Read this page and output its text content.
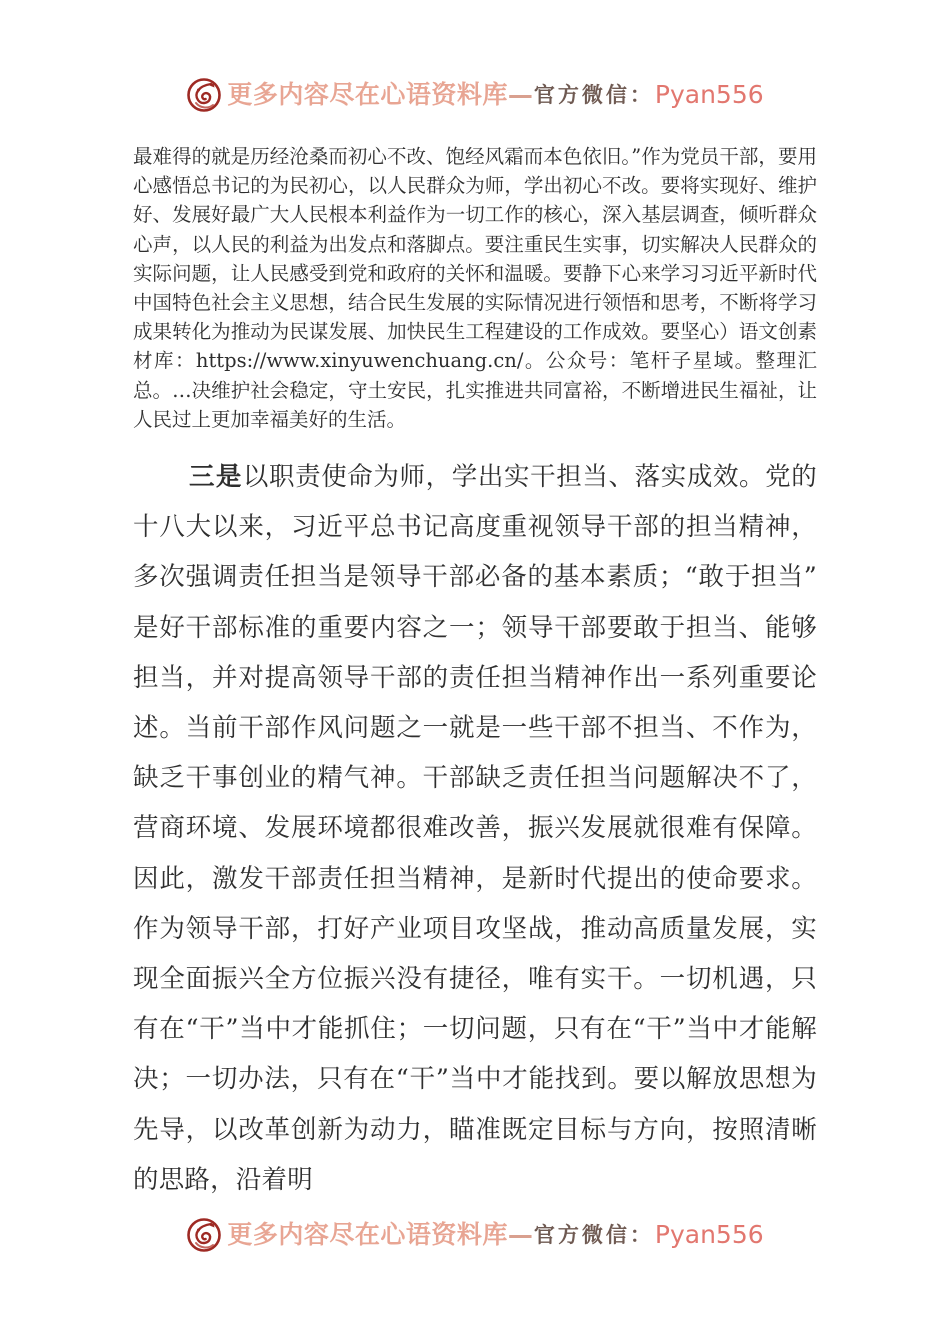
更多内容尽在心语资料库 — 官方微信 ： Pyan556

最难得的就是历经沧桑而初心不改、饱经风霜而本色依旧。”作为党员干部，要用心感悟总书记的为民初心，以人民群众为师，学出初心不改。要将实现好、维护好、发展好最广大人民根本利益作为一切工作的核心，深入基层调查，倾听群众心声，以人民的利益为出发点和落脚点。要注重民生实事，切实解决人民群众的实际问题，让人民感受到党和政府的关怀和温暖。要静下心来学习习近平新时代中国特色社会主义思想，结合民生发展的实际情况进行领悟和思考，不断将学习成果转化为推动为民谋发展、加快民生工程建设的工作成效。要坚心）语文创素材库：https://www.xinyuwenchuang.cn/。公众号：笔杆子星域。整理汇总。…决维护社会稳定，守土安民，扎实推进共同富裕，不断增进民生福祉，让人民过上更加幸福美好的生活。

三是以职责使命为师，学出实干担当、落实成效。党的十八大以来，习近平总书记高度重视领导干部的担当精神，多次强调责任担当是领导干部必备的基本素质；“敢于担当”是好干部标准的重要内容之一；领导干部要敢于担当、能够担当，并对提高领导干部的责任担当精神作出一系列重要论述。当前干部作风问题之一就是一些干部不担当、不作为，缺乏干事创业的精气神。干部缺乏责任担当问题解决不了，营商环境、发展环境都很难改善，振兴发展就很难有保障。因此，激发干部责任担当精神，是新时代提出的使命要求。作为领导干部，打好产业项目攻坚战，推动高质量发展，实现全面振兴全方位振兴没有捷径，唯有实干。一切机遇，只有在“干”当中才能抓住；一切问题，只有在“干”当中才能解决；一切办法，只有在“干”当中才能找到。要以解放思想为先导，以改革创新为动力，瞄准既定目标与方向，按照清晰的思路，沿着明

更多内容尽在心语资料库 — 官方微信 ： Pyan556
